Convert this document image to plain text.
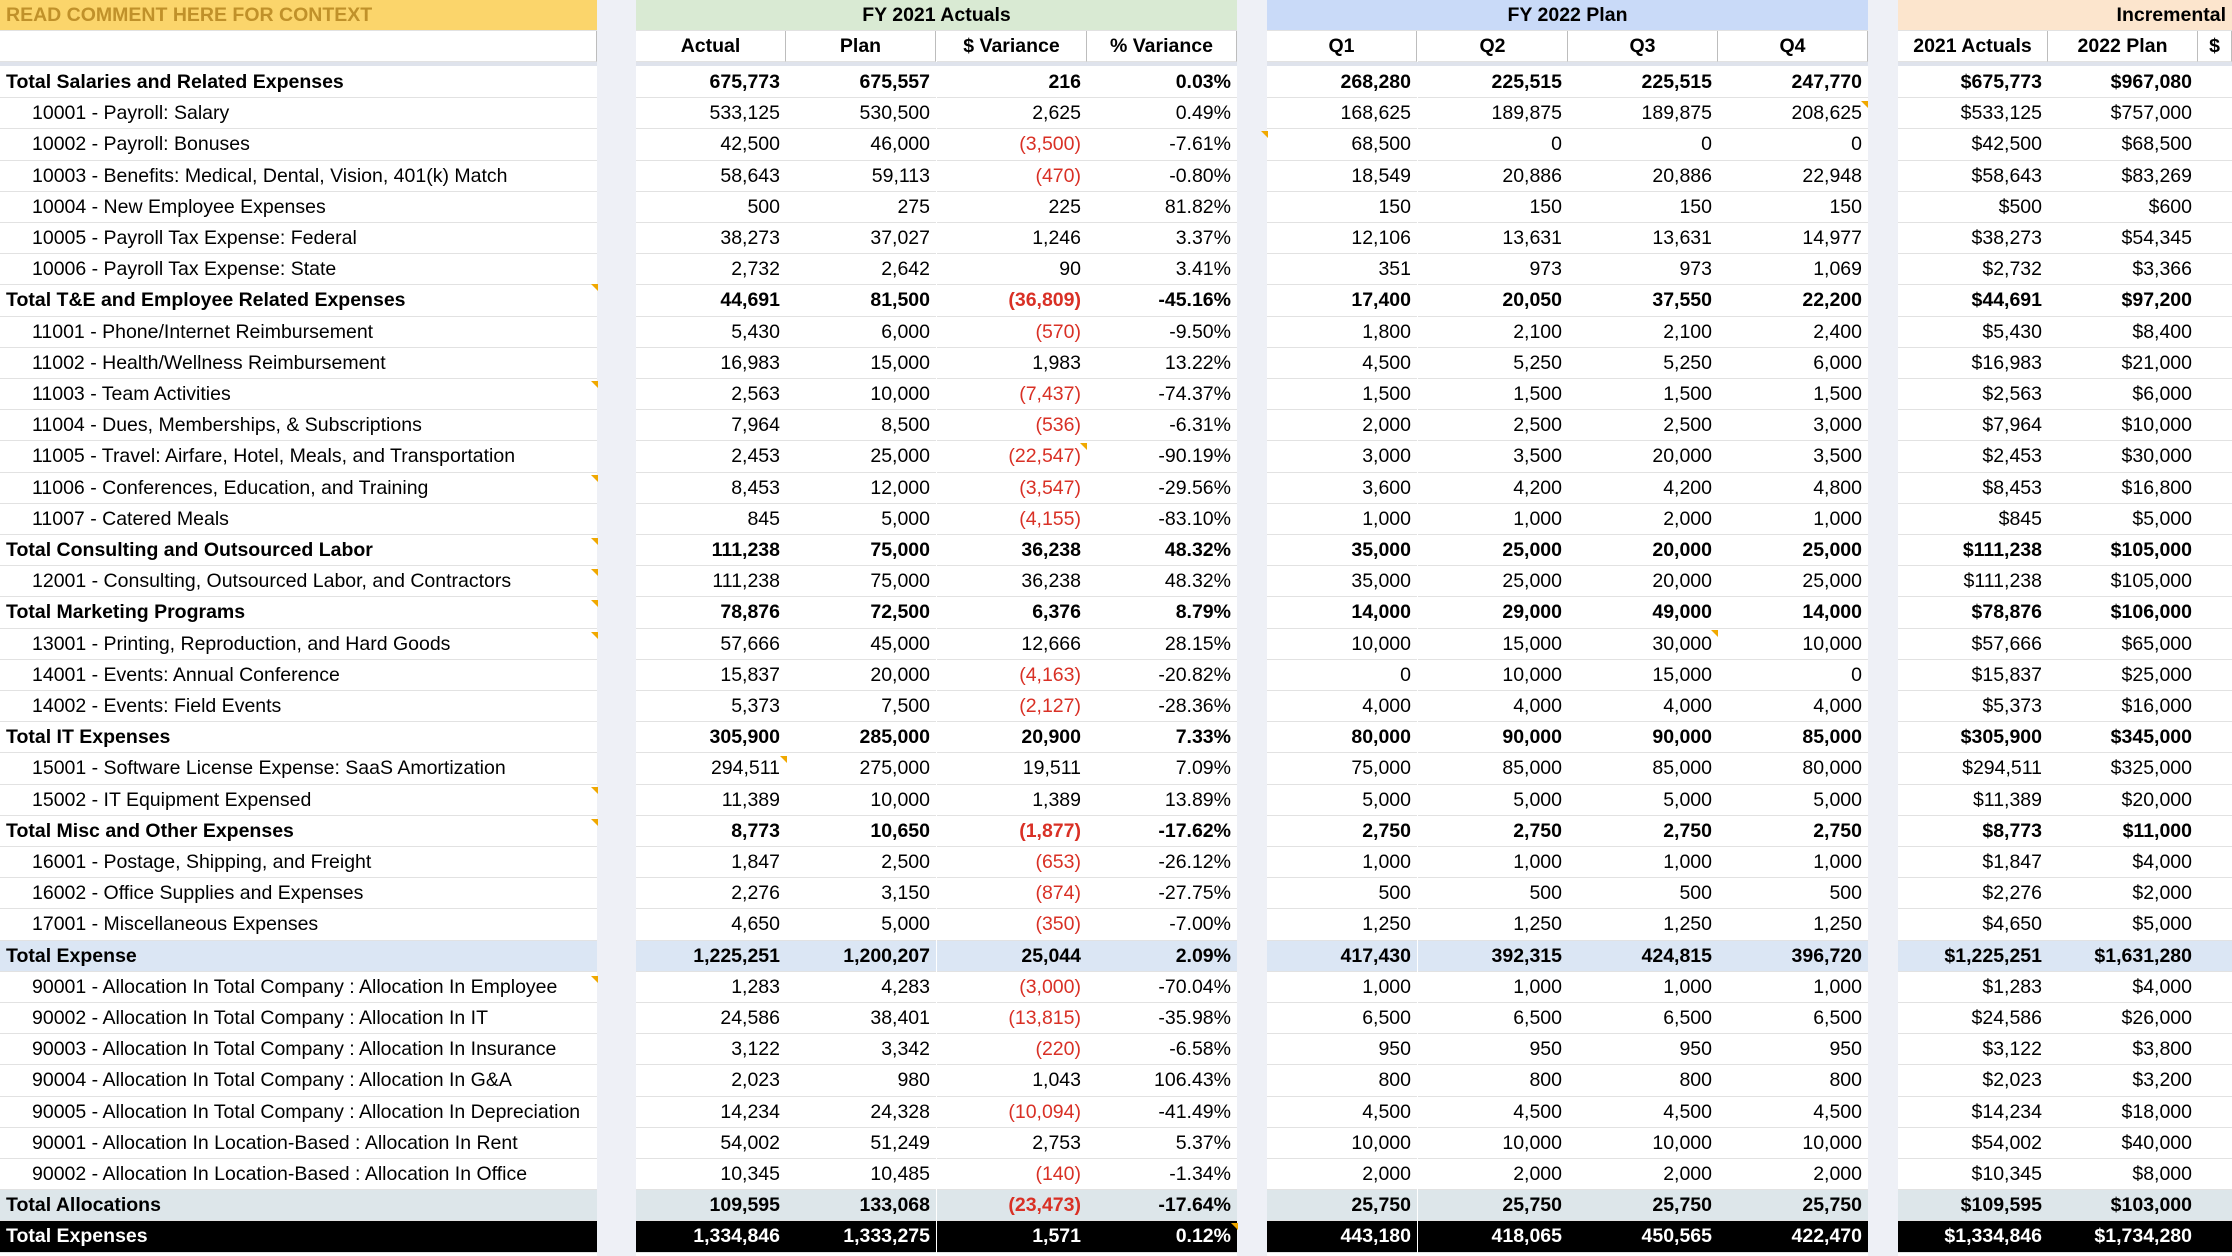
READ COMMENT HERE FOR CONTEXT	FY 2021 Actuals	FY 2022 Plan	Incremental
Actual	Plan	$ Variance	% Variance	Q1	Q2	Q3	Q4	2021 Actuals	2022 Plan	$
Total Salaries and Related Expenses	675,773	675,557	216	0.03%	268,280	225,515	225,515	247,770	$675,773	$967,080
10001 - Payroll: Salary	533,125	530,500	2,625	0.49%	168,625	189,875	189,875	208,625	$533,125	$757,000
10002 - Payroll: Bonuses	42,500	46,000	(3,500)	-7.61%	68,500	0	0	0	$42,500	$68,500
10003 - Benefits: Medical, Dental, Vision, 401(k) Match	58,643	59,113	(470)	-0.80%	18,549	20,886	20,886	22,948	$58,643	$83,269
10004 - New Employee Expenses	500	275	225	81.82%	150	150	150	150	$500	$600
10005 - Payroll Tax Expense: Federal	38,273	37,027	1,246	3.37%	12,106	13,631	13,631	14,977	$38,273	$54,345
10006 - Payroll Tax Expense: State	2,732	2,642	90	3.41%	351	973	973	1,069	$2,732	$3,366
Total T&E and Employee Related Expenses	44,691	81,500	(36,809)	-45.16%	17,400	20,050	37,550	22,200	$44,691	$97,200
11001 - Phone/Internet Reimbursement	5,430	6,000	(570)	-9.50%	1,800	2,100	2,100	2,400	$5,430	$8,400
11002 - Health/Wellness Reimbursement	16,983	15,000	1,983	13.22%	4,500	5,250	5,250	6,000	$16,983	$21,000
11003 - Team Activities	2,563	10,000	(7,437)	-74.37%	1,500	1,500	1,500	1,500	$2,563	$6,000
11004 - Dues, Memberships, & Subscriptions	7,964	8,500	(536)	-6.31%	2,000	2,500	2,500	3,000	$7,964	$10,000
11005 - Travel: Airfare, Hotel, Meals, and Transportation	2,453	25,000	(22,547)	-90.19%	3,000	3,500	20,000	3,500	$2,453	$30,000
11006 - Conferences, Education, and Training	8,453	12,000	(3,547)	-29.56%	3,600	4,200	4,200	4,800	$8,453	$16,800
11007 - Catered Meals	845	5,000	(4,155)	-83.10%	1,000	1,000	2,000	1,000	$845	$5,000
Total Consulting and Outsourced Labor	111,238	75,000	36,238	48.32%	35,000	25,000	20,000	25,000	$111,238	$105,000
12001 - Consulting, Outsourced Labor, and Contractors	111,238	75,000	36,238	48.32%	35,000	25,000	20,000	25,000	$111,238	$105,000
Total Marketing Programs	78,876	72,500	6,376	8.79%	14,000	29,000	49,000	14,000	$78,876	$106,000
13001 - Printing, Reproduction, and Hard Goods	57,666	45,000	12,666	28.15%	10,000	15,000	30,000	10,000	$57,666	$65,000
14001 - Events: Annual Conference	15,837	20,000	(4,163)	-20.82%	0	10,000	15,000	0	$15,837	$25,000
14002 - Events: Field Events	5,373	7,500	(2,127)	-28.36%	4,000	4,000	4,000	4,000	$5,373	$16,000
Total IT Expenses	305,900	285,000	20,900	7.33%	80,000	90,000	90,000	85,000	$305,900	$345,000
15001 - Software License Expense: SaaS Amortization	294,511	275,000	19,511	7.09%	75,000	85,000	85,000	80,000	$294,511	$325,000
15002 - IT Equipment Expensed	11,389	10,000	1,389	13.89%	5,000	5,000	5,000	5,000	$11,389	$20,000
Total Misc and Other Expenses	8,773	10,650	(1,877)	-17.62%	2,750	2,750	2,750	2,750	$8,773	$11,000
16001 - Postage, Shipping, and Freight	1,847	2,500	(653)	-26.12%	1,000	1,000	1,000	1,000	$1,847	$4,000
16002 - Office Supplies and Expenses	2,276	3,150	(874)	-27.75%	500	500	500	500	$2,276	$2,000
17001 - Miscellaneous Expenses	4,650	5,000	(350)	-7.00%	1,250	1,250	1,250	1,250	$4,650	$5,000
Total Expense	1,225,251	1,200,207	25,044	2.09%	417,430	392,315	424,815	396,720	$1,225,251	$1,631,280
90001 - Allocation In Total Company : Allocation In Employee	1,283	4,283	(3,000)	-70.04%	1,000	1,000	1,000	1,000	$1,283	$4,000
90002 - Allocation In Total Company : Allocation In IT	24,586	38,401	(13,815)	-35.98%	6,500	6,500	6,500	6,500	$24,586	$26,000
90003 - Allocation In Total Company : Allocation In Insurance	3,122	3,342	(220)	-6.58%	950	950	950	950	$3,122	$3,800
90004 - Allocation In Total Company : Allocation In G&A	2,023	980	1,043	106.43%	800	800	800	800	$2,023	$3,200
90005 - Allocation In Total Company : Allocation In Depreciation	14,234	24,328	(10,094)	-41.49%	4,500	4,500	4,500	4,500	$14,234	$18,000
90001 - Allocation In Location-Based : Allocation In Rent	54,002	51,249	2,753	5.37%	10,000	10,000	10,000	10,000	$54,002	$40,000
90002 - Allocation In Location-Based : Allocation In Office	10,345	10,485	(140)	-1.34%	2,000	2,000	2,000	2,000	$10,345	$8,000
Total Allocations	109,595	133,068	(23,473)	-17.64%	25,750	25,750	25,750	25,750	$109,595	$103,000
Total Expenses	1,334,846	1,333,275	1,571	0.12%	443,180	418,065	450,565	422,470	$1,334,846	$1,734,280
